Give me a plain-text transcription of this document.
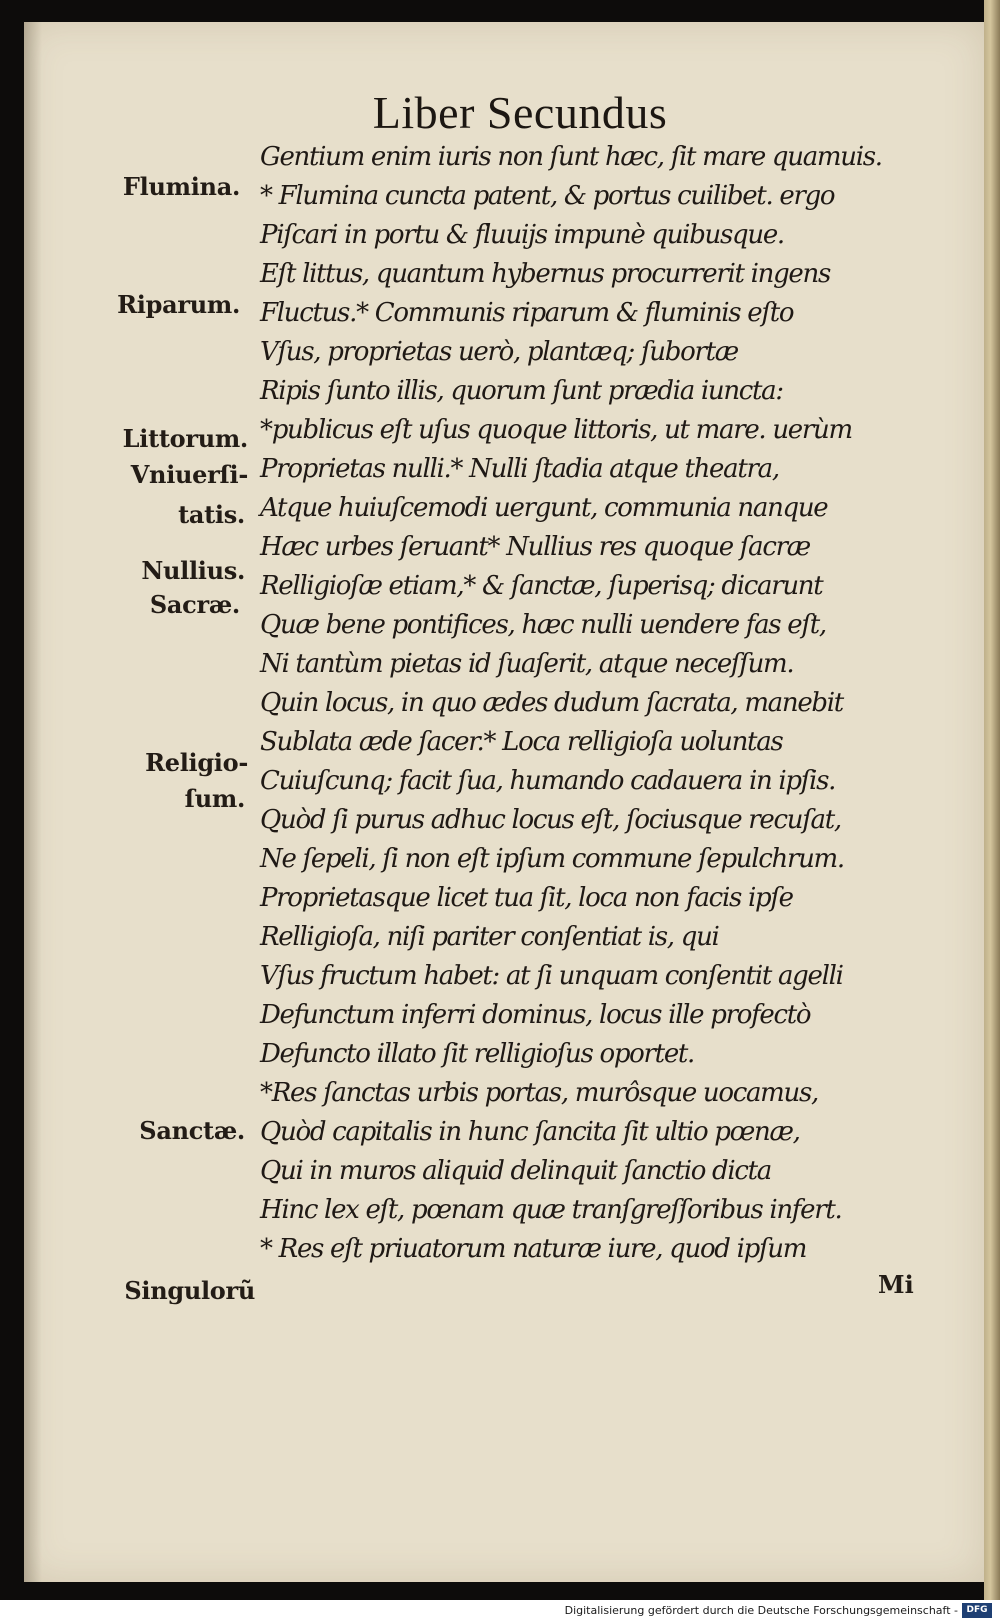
Liber Secundus
Gentium enim iuris non ſunt hæc, ſit mare quamuis.
* Flumina cuncta patent, & portus cuilibet. ergo
Piſcari in portu & fluuijs impunè quibusque.
Eſt littus, quantum hybernus procurrerit ingens
Fluctus.* Communis riparum & fluminis eſto
Vſus, proprietas uerò, plantæq; ſubortæ
Ripis ſunto illis, quorum ſunt prædia iuncta:
*publicus eſt uſus quoque littoris, ut mare. uerùm
Proprietas nulli.* Nulli ſtadia atque theatra,
Atque huiuſcemodi uergunt, communia nanque
Hæc urbes ſeruant* Nullius res quoque ſacræ
Relligioſæ etiam,* & ſanctæ, ſuperisq; dicarunt
Quæ bene pontifices, hæc nulli uendere fas eſt,
Ni tantùm pietas id ſuaſerit, atque neceſſum.
Quin locus, in quo ædes dudum ſacrata, manebit
Sublata æde ſacer.* Loca relligioſa uoluntas
Cuiuſcunq; facit ſua, humando cadauera in ipſis.
Quòd ſi purus adhuc locus eſt, ſociusque recuſat,
Ne ſepeli, ſi non eſt ipſum commune ſepulchrum.
Proprietasque licet tua ſit, loca non facis ipſe
Relligioſa, niſi pariter conſentiat is, qui
Vſus fructum habet: at ſi unquam conſentit agelli
Defunctum inferri dominus, locus ille profectò
Defuncto illato ſit relligioſus oportet.
*Res ſanctas urbis portas, murôsque uocamus,
Quòd capitalis in hunc ſancita ſit ultio pœnæ,
Qui in muros aliquid delinquit ſanctio dicta
Hinc lex eſt, pœnam quæ tranſgreſſoribus infert.
* Res eſt priuatorum naturæ iure, quod ipſum
Flumina.
Riparum.
Littorum.
Vniuerſi-
tatis.
Nullius.
Sacræ.
Religio-
ſum.
Sanctæ.
Singulorũ	Mi
Digitalisierung gefördert durch die Deutsche Forschungsgemeinschaft - DFG
